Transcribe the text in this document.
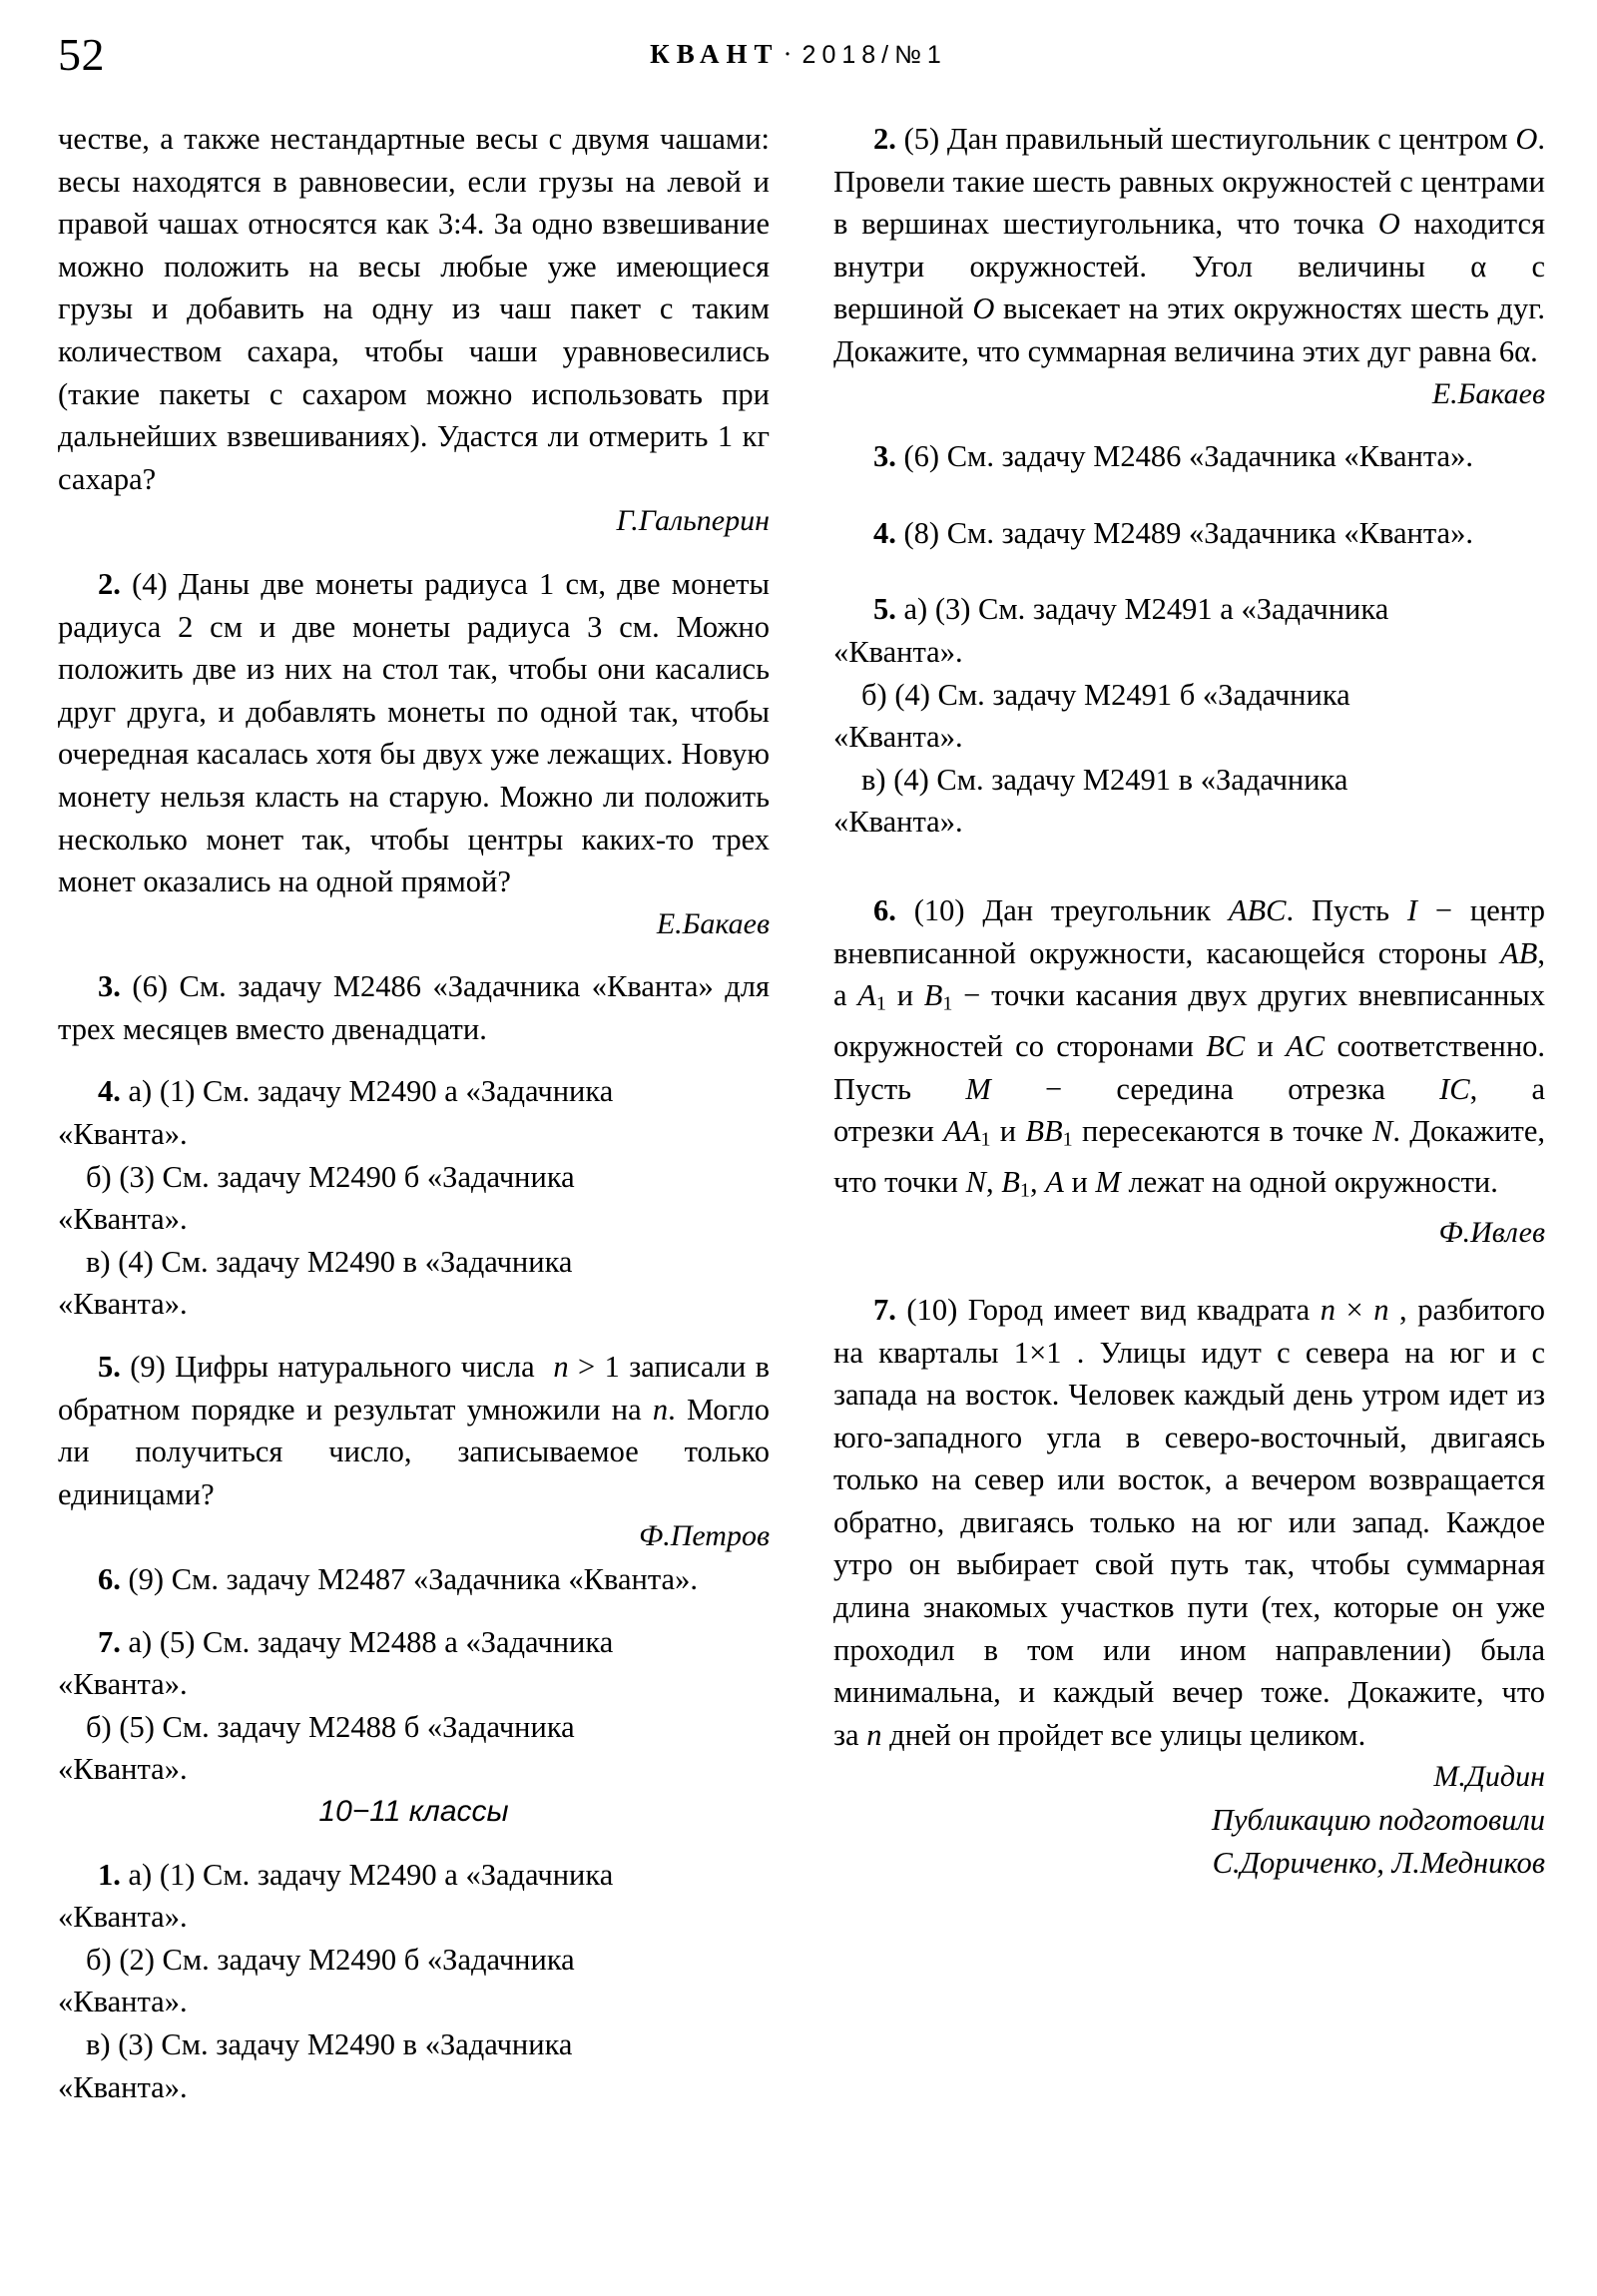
52	КВАНТ · 2018/№1

честве, а также нестандартные весы с двумя чашами: весы находятся в равновесии, если грузы на левой и правой чашах относятся как 3:4. За одно взвешивание можно положить на весы любые уже имеющиеся грузы и добавить на одну из чаш пакет с таким количеством сахара, чтобы чаши уравновесились (такие пакеты с сахаром можно использовать при дальнейших взвешиваниях). Удастся ли отмерить 1 кг сахара?

Г.Гальперин

2. (4) Даны две монеты радиуса 1 см, две монеты радиуса 2 см и две монеты радиуса 3 см. Можно положить две из них на стол так, чтобы они касались друг друга, и добавлять монеты по одной так, чтобы очередная касалась хотя бы двух уже лежащих. Новую монету нельзя класть на старую. Можно ли положить несколько монет так, чтобы центры каких-то трех монет оказались на одной прямой?

Е.Бакаев

3. (6) См. задачу М2486 «Задачника «Кванта» для трех месяцев вместо двенадцати.

4. а) (1) См. задачу М2490 а «Задачника
«Кванта».

б) (3) См. задачу М2490 б «Задачника
«Кванта».

в) (4) См. задачу М2490 в «Задачника
«Кванта».

5. (9) Цифры натурального числа n > 1 записали в обратном порядке и результат умножили на n. Могло ли получиться число, записываемое только единицами?

Ф.Петров

6. (9) См. задачу М2487 «Задачника «Кванта».

7. а) (5) См. задачу М2488 а «Задачника
«Кванта».

б) (5) См. задачу М2488 б «Задачника
«Кванта».

10−11 классы

1. а) (1) См. задачу М2490 а «Задачника
«Кванта».

б) (2) См. задачу М2490 б «Задачника
«Кванта».

в) (3) См. задачу М2490 в «Задачника
«Кванта».

2. (5) Дан правильный шестиугольник с центром O. Провели такие шесть равных окружностей с центрами в вершинах шестиугольника, что точка O находится внутри окружностей. Угол величины α с вершиной O высекает на этих окружностях шесть дуг. Докажите, что суммарная величина этих дуг равна 6α.

Е.Бакаев

3. (6) См. задачу М2486 «Задачника «Кванта».

4. (8) См. задачу М2489 «Задачника «Кванта».

5. а) (3) См. задачу М2491 а «Задачника
«Кванта».

б) (4) См. задачу М2491 б «Задачника
«Кванта».

в) (4) См. задачу М2491 в «Задачника
«Кванта».

6. (10) Дан треугольник ABC. Пусть I − центр вневписанной окружности, касающейся стороны AB, а $A_1$ и $B_1$ − точки касания двух других вневписанных окружностей со сторонами BC и AC соответственно. Пусть M − середина отрезка IC, а отрезки $AA_1$ и $BB_1$ пересекаются в точке N. Докажите, что точки N, $B_1$, A и M лежат на одной окружности.

Ф.Ивлев

7. (10) Город имеет вид квадрата n × n , разбитого на кварталы 1×1 . Улицы идут с севера на юг и с запада на восток. Человек каждый день утром идет из юго-западного угла в северо-восточный, двигаясь только на север или восток, а вечером возвращается обратно, двигаясь только на юг или запад. Каждое утро он выбирает свой путь так, чтобы суммарная длина знакомых участков пути (тех, которые он уже проходил в том или ином направлении) была минимальна, и каждый вечер тоже. Докажите, что за n дней он пройдет все улицы целиком.

М.Дидин

Публикацию подготовили

С.Дориченко, Л.Медников
